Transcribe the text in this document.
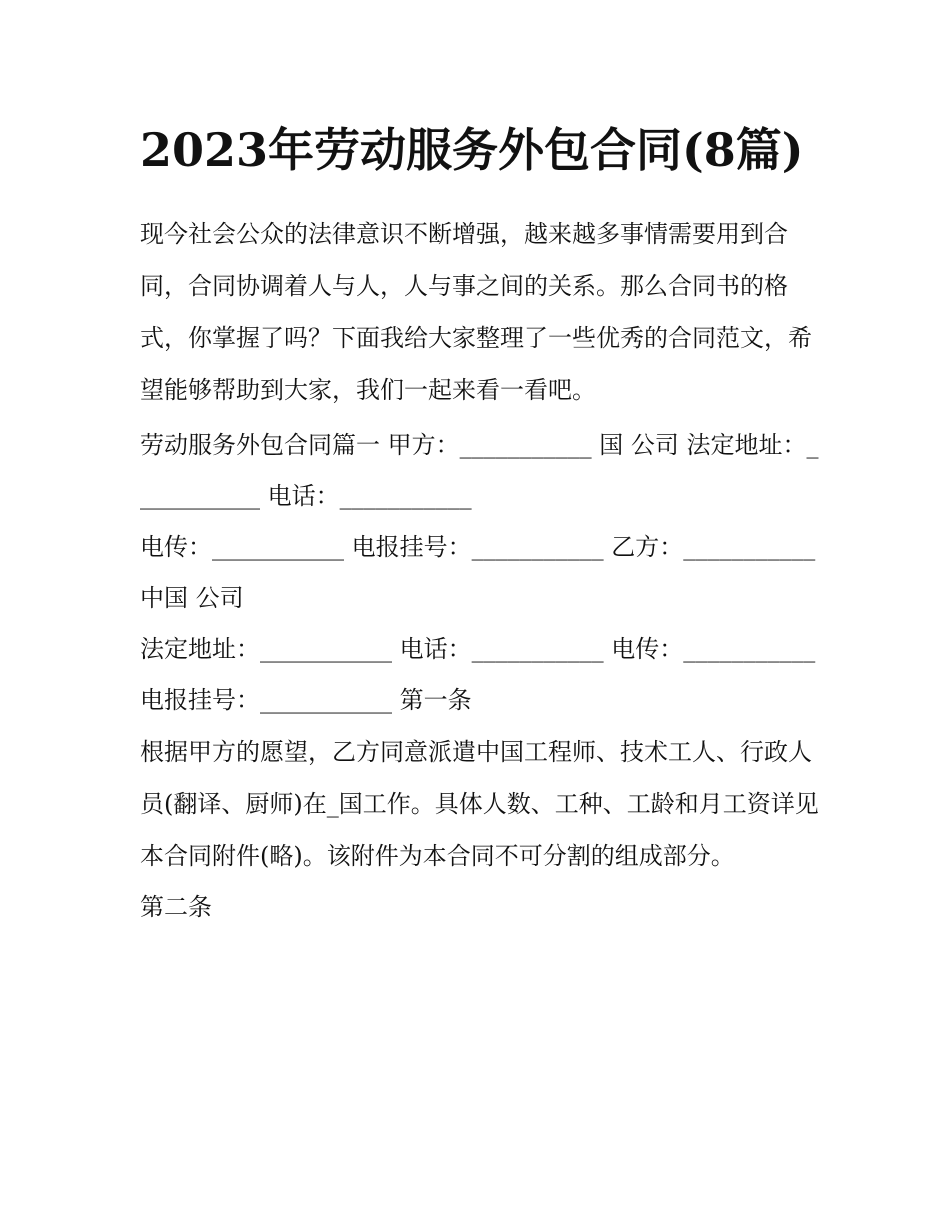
2023年劳动服务外包合同(8篇)

现今社会公众的法律意识不断增强，越来越多事情需要用到合同，合同协调着人与人，人与事之间的关系。那么合同书的格式，你掌握了吗？下面我给大家整理了一些优秀的合同范文，希望能够帮助到大家，我们一起来看一看吧。

劳动服务外包合同篇一 甲方：___________ 国 公司 法定地址：___________ 电话：___________

电传：___________ 电报挂号：___________ 乙方：___________中国 公司

法定地址：___________ 电话：___________ 电传：___________

电报挂号：___________ 第一条

根据甲方的愿望，乙方同意派遣中国工程师、技术工人、行政人员(翻译、厨师)在_国工作。具体人数、工种、工龄和月工资详见本合同附件(略)。该附件为本合同不可分割的组成部分。

第二条
